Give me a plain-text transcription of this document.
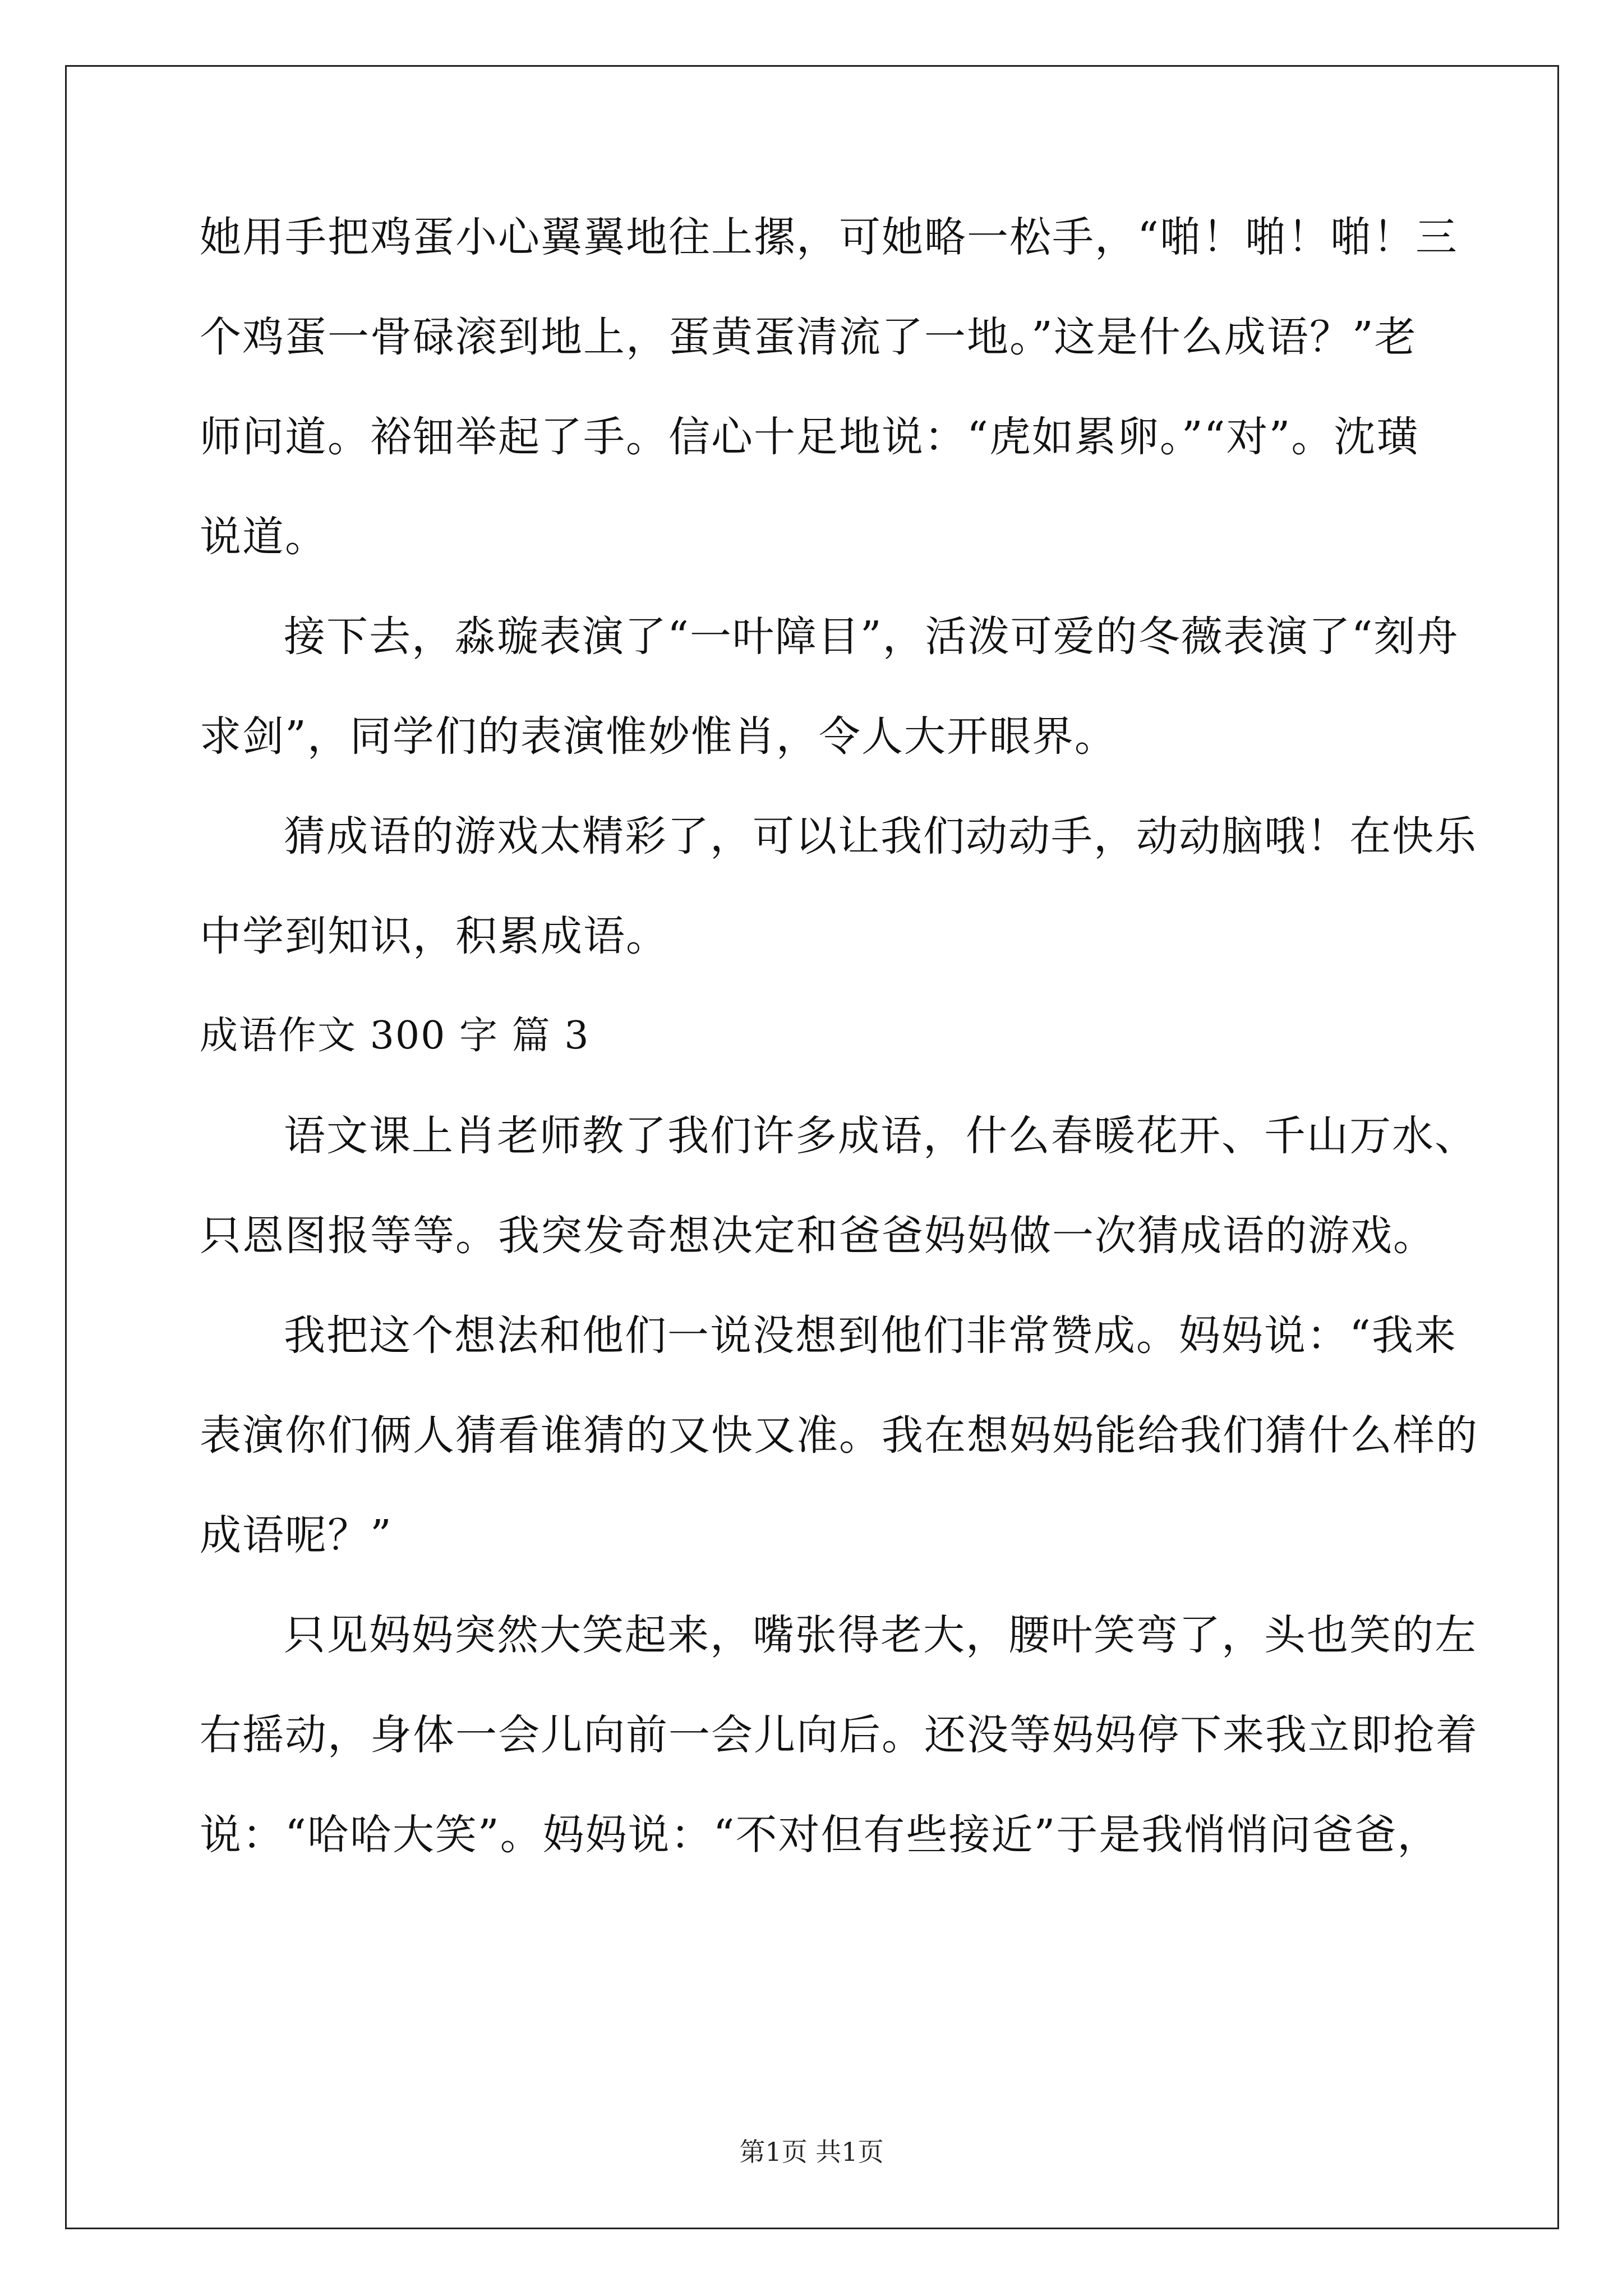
她用手把鸡蛋小心翼翼地往上摞，可她略一松手，“啪！啪！啪！三
个鸡蛋一骨碌滚到地上，蛋黄蛋清流了一地。”这是什么成语？”老
师问道。裕钿举起了手。信心十足地说：“虎如累卵。”“对”。沈璜
说道。
接下去，淼璇表演了“一叶障目”，活泼可爱的冬薇表演了“刻舟
求剑”，同学们的表演惟妙惟肖，令人大开眼界。
猜成语的游戏太精彩了，可以让我们动动手，动动脑哦！在快乐
中学到知识，积累成语。
成语作文 300 字 篇 3
语文课上肖老师教了我们许多成语，什么春暖花开、千山万水、
只恩图报等等。我突发奇想决定和爸爸妈妈做一次猜成语的游戏。
我把这个想法和他们一说没想到他们非常赞成。妈妈说：“我来
表演你们俩人猜看谁猜的又快又准。我在想妈妈能给我们猜什么样的
成语呢？”
只见妈妈突然大笑起来，嘴张得老大，腰叶笑弯了，头也笑的左
右摇动，身体一会儿向前一会儿向后。还没等妈妈停下来我立即抢着
说：“哈哈大笑”。妈妈说：“不对但有些接近”于是我悄悄问爸爸，
第1页 共1页
